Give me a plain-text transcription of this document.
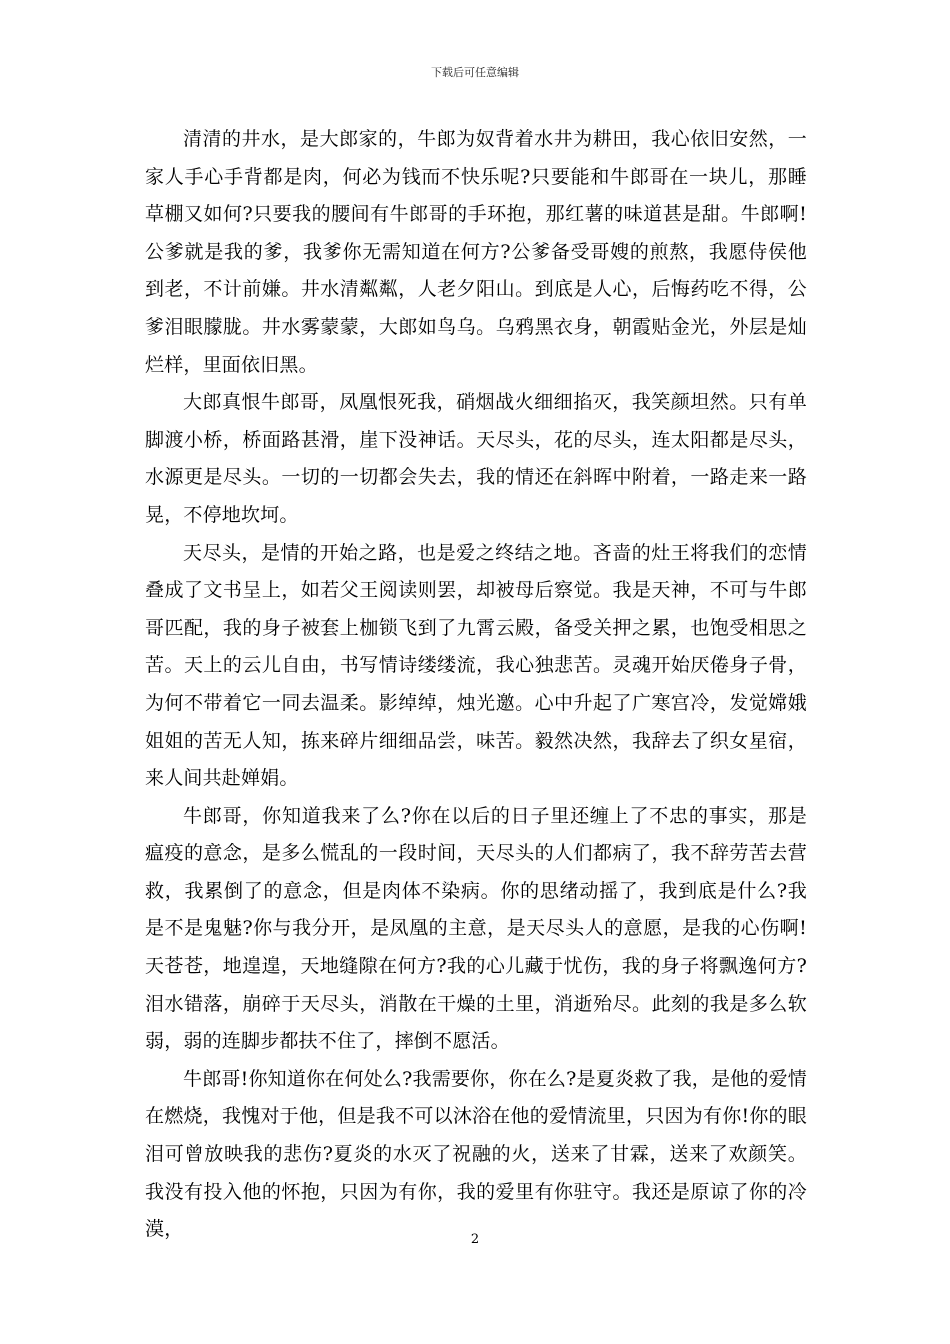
下载后可任意编辑

清清的井水，是大郎家的，牛郎为奴背着水井为耕田，我心依旧安然，一家人手心手背都是肉，何必为钱而不快乐呢?只要能和牛郎哥在一块儿，那睡草棚又如何?只要我的腰间有牛郎哥的手环抱，那红薯的味道甚是甜。牛郎啊!公爹就是我的爹，我爹你无需知道在何方?公爹备受哥嫂的煎熬，我愿侍侯他到老，不计前嫌。井水清粼粼，人老夕阳山。到底是人心，后悔药吃不得，公爹泪眼朦胧。井水雾蒙蒙，大郎如鸟乌。乌鸦黑衣身，朝霞贴金光，外层是灿烂样，里面依旧黑。

大郎真恨牛郎哥，凤凰恨死我，硝烟战火细细掐灭，我笑颜坦然。只有单脚渡小桥，桥面路甚滑，崖下没神话。天尽头，花的尽头，连太阳都是尽头，水源更是尽头。一切的一切都会失去，我的情还在斜晖中附着，一路走来一路晃，不停地坎坷。

天尽头，是情的开始之路，也是爱之终结之地。吝啬的灶王将我们的恋情叠成了文书呈上，如若父王阅读则罢，却被母后察觉。我是天神，不可与牛郎哥匹配，我的身子被套上枷锁飞到了九霄云殿，备受关押之累，也饱受相思之苦。天上的云儿自由，书写情诗缕缕流，我心独悲苦。灵魂开始厌倦身子骨，为何不带着它一同去温柔。影绰绰，烛光邀。心中升起了广寒宫冷，发觉嫦娥姐姐的苦无人知，拣来碎片细细品尝，味苦。毅然决然，我辞去了织女星宿，来人间共赴婵娟。

牛郎哥，你知道我来了么?你在以后的日子里还缠上了不忠的事实，那是瘟疫的意念，是多么慌乱的一段时间，天尽头的人们都病了，我不辞劳苦去营救，我累倒了的意念，但是肉体不染病。你的思绪动摇了，我到底是什么?我是不是鬼魅?你与我分开，是凤凰的主意，是天尽头人的意愿，是我的心伤啊!天苍苍，地遑遑，天地缝隙在何方?我的心儿藏于忧伤，我的身子将飘逸何方?泪水错落，崩碎于天尽头，消散在干燥的土里，消逝殆尽。此刻的我是多么软弱，弱的连脚步都扶不住了，摔倒不愿活。

牛郎哥!你知道你在何处么?我需要你，你在么?是夏炎救了我，是他的爱情在燃烧，我愧对于他，但是我不可以沐浴在他的爱情流里，只因为有你!你的眼泪可曾放映我的悲伤?夏炎的水灭了祝融的火，送来了甘霖，送来了欢颜笑。我没有投入他的怀抱，只因为有你，我的爱里有你驻守。我还是原谅了你的冷漠，	2
